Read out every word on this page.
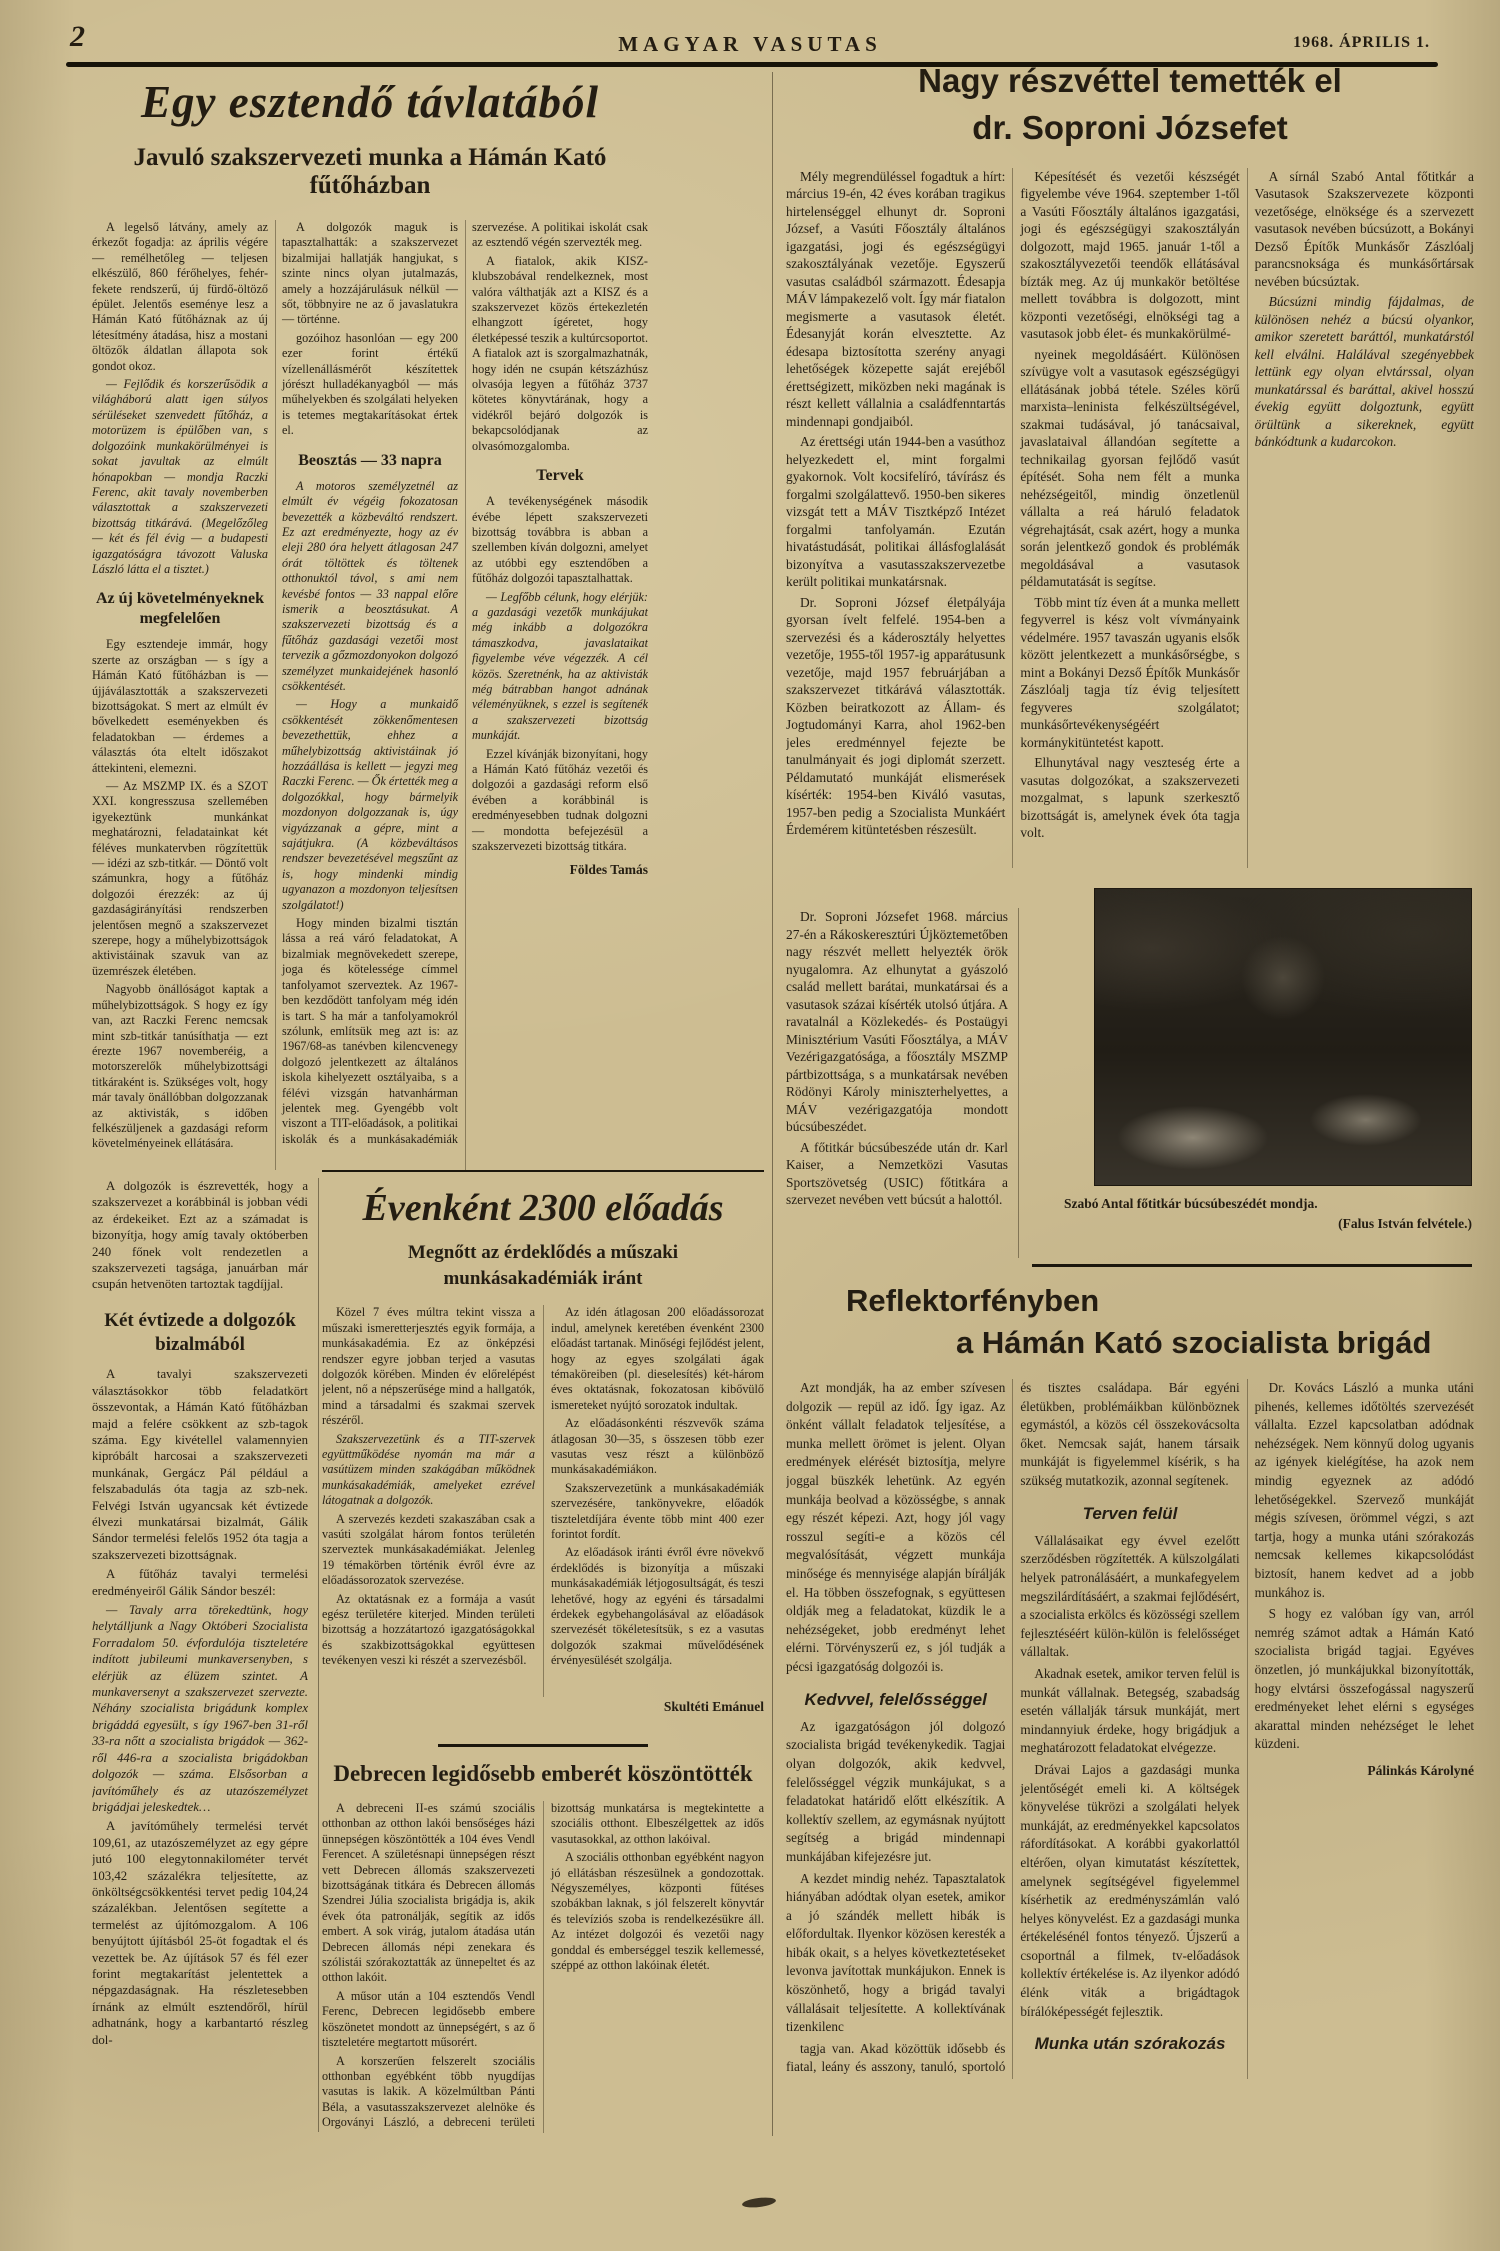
2	MAGYAR VASUTAS	1968. ÁPRILIS 1.
Egy esztendő távlatából
Javuló szakszervezeti munka a Hámán Kató fűtőházban
A legelső látvány, amely az érkezőt fogadja: az április végére — remélhetőleg — teljesen elkészülő, 860 férőhelyes, fehér-fekete rendszerű, új fürdő-öltöző épület. Jelentős eseménye lesz a Hámán Kató fűtőháznak az új létesítmény átadása, hisz a mostani öltözők áldatlan állapota sok gondot okoz.
— Fejlődik és korszerűsödik a világháború alatt igen súlyos sérüléseket szenvedett fűtőház, a motorüzem is épülőben van, s dolgozóink munkakörülményei is sokat javultak az elmúlt hónapokban — mondja Raczki Ferenc, akit tavaly novemberben választottak a szakszervezeti bizottság titkárává. (Megelőzőleg — két és fél évig — a budapesti igazgatóságra távozott Valuska László látta el a tisztet.)
Az új követelményeknek megfelelően
Egy esztendeje immár, hogy szerte az országban — s így a Hámán Kató fűtőházban is — újjáválasztották a szakszervezeti bizottságokat. S mert az elmúlt év bővelkedett eseményekben és feladatokban — érdemes a választás óta eltelt időszakot áttekinteni, elemezni.
— Az MSZMP IX. és a SZOT XXI. kongresszusa szellemében igyekeztünk munkánkat meghatározni, feladatainkat két féléves munkatervben rögzítettük — idézi az szb-titkár. — Döntő volt számunkra, hogy a fűtőház dolgozói érezzék: az új gazdaságirányítási rendszerben jelentősen megnő a szakszervezet szerepe, hogy a műhelybizottságok aktivistáinak szavuk van az üzemrészek életében.
Nagyobb önállóságot kaptak a műhelybizottságok. S hogy ez így van, azt Raczki Ferenc nemcsak mint szb-titkár tanúsíthatja — ezt érezte 1967 novemberéig, a motorszerelők műhelybizottsági titkáraként is. Szükséges volt, hogy már tavaly önállóbban dolgozzanak az aktivisták, s időben felkészüljenek a gazdasági reform követelményeinek ellátására.
A dolgozók maguk is tapasztalhatták: a szakszervezet bizalmijai hallatják hangjukat, s szinte nincs olyan jutalmazás, amely a hozzájárulásuk nélkül — sőt, többnyire ne az ő javaslatukra — történne.
gozóihoz hasonlóan — egy 200 ezer forint értékű vízellenállásmérőt készítettek jórészt hulladékanyagból — más műhelyekben és szolgálati helyeken is tetemes megtakarításokat értek el.
Beosztás — 33 napra
A motoros személyzetnél az elmúlt év végéig fokozatosan bevezették a közbeváltó rendszert. Ez azt eredményezte, hogy az év eleji 280 óra helyett átlagosan 247 órát töltöttek és töltenek otthonuktól távol, s ami nem kevésbé fontos — 33 nappal előre ismerik a beosztásukat. A szakszervezeti bizottság és a fűtőház gazdasági vezetői most tervezik a gőzmozdonyokon dolgozó személyzet munkaidejének hasonló csökkentését.
— Hogy a munkaidő csökkentését zökkenőmentesen bevezethettük, ehhez a műhelybizottság aktivistáinak jó hozzáállása is kellett — jegyzi meg Raczki Ferenc. — Ők értették meg a dolgozókkal, hogy bármelyik mozdonyon dolgozzanak is, úgy vigyázzanak a gépre, mint a sajátjukra. (A közbeváltásos rendszer bevezetésével megszűnt az is, hogy mindenki mindig ugyanazon a mozdonyon teljesítsen szolgálatot!)
Hogy minden bizalmi tisztán lássa a reá váró feladatokat, A bizalmiak megnövekedett szerepe, joga és kötelessége címmel tanfolyamot szerveztek. Az 1967-ben kezdődött tanfolyam még idén is tart. S ha már a tanfolyamokról szólunk, említsük meg azt is: az 1967/68-as tanévben kilencvenegy dolgozó jelentkezett az általános iskola kihelyezett osztályaiba, s a félévi vizsgán hatvanhárman jelentek meg. Gyengébb volt viszont a TIT-előadások, a politikai iskolák és a munkásakadémiák szervezése. A politikai iskolát csak az esztendő végén szervezték meg.
A fiatalok, akik KISZ-klubszobával rendelkeznek, most valóra válthatják azt a KISZ és a szakszervezet közös értekezletén elhangzott ígéretet, hogy életképessé teszik a kultúrcsoportot. A fiatalok azt is szorgalmazhatnák, hogy idén ne csupán kétszázhúsz olvasója legyen a fűtőház 3737 kötetes könyvtárának, hogy a vidékről bejáró dolgozók is bekapcsolódjanak az olvasómozgalomba.
Tervek
A tevékenységének második évébe lépett szakszervezeti bizottság továbbra is abban a szellemben kíván dolgozni, amelyet az utóbbi egy esztendőben a fűtőház dolgozói tapasztalhattak.
— Legfőbb célunk, hogy elérjük: a gazdasági vezetők munkájukat még inkább a dolgozókra támaszkodva, javaslataikat figyelembe véve végezzék. A cél közös. Szeretnénk, ha az aktivisták még bátrabban hangot adnának véleményüknek, s ezzel is segítenék a szakszervezeti bizottság munkáját.
Ezzel kívánják bizonyítani, hogy a Hámán Kató fűtőház vezetői és dolgozói a gazdasági reform első évében a korábbinál is eredményesebben tudnak dolgozni — mondotta befejezésül a szakszervezeti bizottság titkára.
Földes Tamás
A dolgozók is észrevették, hogy a szakszervezet a korábbinál is jobban védi az érdekeiket. Ezt az a számadat is bizonyítja, hogy amíg tavaly októberben 240 főnek volt rendezetlen a szakszervezeti tagsága, januárban már csupán hetvenöten tartoztak tagdíjjal.
Két évtizede a dolgozók bizalmából
A tavalyi szakszervezeti választásokkor több feladatkört összevontak, a Hámán Kató fűtőházban majd a felére csökkent az szb-tagok száma. Egy kivétellel valamennyien kipróbált harcosai a szakszervezeti munkának, Gergácz Pál például a felszabadulás óta tagja az szb-nek. Felvégi István ugyancsak két évtizede élvezi munkatársai bizalmát, Gálik Sándor termelési felelős 1952 óta tagja a szakszervezeti bizottságnak.
A fűtőház tavalyi termelési eredményeiről Gálik Sándor beszél:
— Tavaly arra törekedtünk, hogy helytálljunk a Nagy Októberi Szocialista Forradalom 50. évfordulója tiszteletére indított jubileumi munkaversenyben, s elérjük az élüzem szintet. A munkaversenyt a szakszervezet szervezte. Néhány szocialista brigádunk komplex brigáddá egyesült, s így 1967-ben 31-ről 33-ra nőtt a szocialista brigádok — 362-ről 446-ra a szocialista brigádokban dolgozók — száma. Elsősorban a javítóműhely és az utazószemélyzet brigádjai jeleskedtek…
A javítóműhely termelési tervét 109,61, az utazószemélyzet az egy gépre jutó 100 elegytonnakilométer tervét 103,42 százalékra teljesítette, az önköltségcsökkentési tervet pedig 104,24 százalékban. Jelentősen segítette a termelést az újítómozgalom. A 106 benyújtott újításból 25-öt fogadtak el és vezettek be. Az újítások 57 és fél ezer forint megtakarítást jelentettek a népgazdaságnak. Ha részletesebben írnánk az elmúlt esztendőről, hírül adhatnánk, hogy a karbantartó részleg dol-
Évenként 2300 előadás
Megnőtt az érdeklődés a műszaki munkásakadémiák iránt
Közel 7 éves múltra tekint vissza a műszaki ismeretterjesztés egyik formája, a munkásakadémia. Ez az önképzési rendszer egyre jobban terjed a vasutas dolgozók körében. Minden év előrelépést jelent, nő a népszerűsége mind a hallgatók, mind a társadalmi és szakmai szervek részéről.
Szakszervezetünk és a TIT-szervek együttműködése nyomán ma már a vasútüzem minden szakágában működnek munkásakadémiák, amelyeket ezrével látogatnak a dolgozók.
A szervezés kezdeti szakaszában csak a vasúti szolgálat három fontos területén szerveztek munkásakadémiákat. Jelenleg 19 témakörben történik évről évre az előadássorozatok szervezése.
Az oktatásnak ez a formája a vasút egész területére kiterjed. Minden területi bizottság a hozzátartozó igazgatóságokkal és szakbizottságokkal együttesen tevékenyen veszi ki részét a szervezésből.
Az idén átlagosan 200 előadássorozat indul, amelynek keretében évenként 2300 előadást tartanak. Minőségi fejlődést jelent, hogy az egyes szolgálati ágak témaköreiben (pl. dieselesítés) két-három éves oktatásnak, fokozatosan kibővülő ismereteket nyújtó sorozatok indultak.
Az előadásonkénti részvevők száma átlagosan 30—35, s összesen több ezer vasutas vesz részt a különböző munkásakadémiákon.
Szakszervezetünk a munkásakadémiák szervezésére, tankönyvekre, előadók tiszteletdíjára évente több mint 400 ezer forintot fordít.
Az előadások iránti évről évre növekvő érdeklődés is bizonyítja a műszaki munkásakadémiák létjogosultságát, és teszi lehetővé, hogy az egyéni és társadalmi érdekek egybehangolásával az előadások szervezését tökéletesítsük, s ez a vasutas dolgozók szakmai művelődésének érvényesülését szolgálja.
Skultéti Emánuel
Debrecen legidősebb emberét köszöntötték
A debreceni II-es számú szociális otthonban az otthon lakói bensőséges házi ünnepségen köszöntötték a 104 éves Vendl Ferencet. A születésnapi ünnepségen részt vett Debrecen állomás szakszervezeti bizottságának titkára és Debrecen állomás Szendrei Júlia szocialista brigádja is, akik évek óta patronálják, segítik az idős embert. A sok virág, jutalom átadása után Debrecen állomás népi zenekara és szólistái szórakoztatták az ünnepeltet és az otthon lakóit.
A műsor után a 104 esztendős Vendl Ferenc, Debrecen legidősebb embere köszönetet mondott az ünnepségért, s az ő tiszteletére megtartott műsorért.
A korszerűen felszerelt szociális otthonban egyébként több nyugdíjas vasutas is lakik. A közelmúltban Pánti Béla, a vasutasszakszervezet alelnöke és Orgoványi László, a debreceni területi bizottság munkatársa is megtekintette a szociális otthont. Elbeszélgettek az idős vasutasokkal, az otthon lakóival.
A szociális otthonban egyébként nagyon jó ellátásban részesülnek a gondozottak. Négyszemélyes, központi fűtéses szobákban laknak, s jól felszerelt könyvtár és televíziós szoba is rendelkezésükre áll. Az intézet dolgozói és vezetői nagy gonddal és emberséggel teszik kellemessé, széppé az otthon lakóinak életét.
Nagy részvéttel temették el
dr. Soproni Józsefet
Mély megrendüléssel fogadtuk a hírt: március 19-én, 42 éves korában tragikus hirtelenséggel elhunyt dr. Soproni József, a Vasúti Főosztály általános igazgatási, jogi és egészségügyi szakosztályának vezetője. Egyszerű vasutas családból származott. Édesapja MÁV lámpakezelő volt. Így már fiatalon megismerte a vasutasok életét. Édesanyját korán elvesztette. Az édesapa biztosította szerény anyagi lehetőségek közepette saját erejéből érettségizett, miközben neki magának is részt kellett vállalnia a családfenntartás mindennapi gondjaiból.
Az érettségi után 1944-ben a vasúthoz helyezkedett el, mint forgalmi gyakornok. Volt kocsifelíró, távírász és forgalmi szolgálattevő. 1950-ben sikeres vizsgát tett a MÁV Tisztképző Intézet forgalmi tanfolyamán. Ezután hivatástudását, politikai állásfoglalását bizonyítva a vasutasszakszervezetbe került politikai munkatársnak.
Dr. Soproni József életpályája gyorsan ívelt felfelé. 1954-ben a szervezési és a káderosztály helyettes vezetője, 1955-től 1957-ig apparátusunk vezetője, majd 1957 februárjában a szakszervezet titkárává választották. Közben beiratkozott az Állam- és Jogtudományi Karra, ahol 1962-ben jeles eredménnyel fejezte be tanulmányait és jogi diplomát szerzett. Példamutató munkáját elismerések kísérték: 1954-ben Kiváló vasutas, 1957-ben pedig a Szocialista Munkáért Érdemérem kitüntetésben részesült.
Képesítését és vezetői készségét figyelembe véve 1964. szeptember 1-től a Vasúti Főosztály általános igazgatási, jogi és egészségügyi szakosztályán dolgozott, majd 1965. január 1-től a szakosztályvezetői teendők ellátásával bízták meg. Az új munkakör betöltése mellett továbbra is dolgozott, mint központi vezetőségi, elnökségi tag a vasutasok jobb élet- és munkakörülmé-
nyeinek megoldásáért. Különösen szívügye volt a vasutasok egészségügyi ellátásának jobbá tétele. Széles körű marxista–leninista felkészültségével, szakmai tudásával, jó tanácsaival, javaslataival állandóan segítette a technikailag gyorsan fejlődő vasút építését. Soha nem félt a munka nehézségeitől, mindig önzetlenül vállalta a reá háruló feladatok végrehajtását, csak azért, hogy a munka során jelentkező gondok és problémák megoldásával a vasutasok példamutatását is segítse.
Több mint tíz éven át a munka mellett fegyverrel is kész volt vívmányaink védelmére. 1957 tavaszán ugyanis elsők között jelentkezett a munkásőrségbe, s mint a Bokányi Dezső Építők Munkásőr Zászlóalj tagja tíz évig teljesített fegyveres szolgálatot; munkásőrtevékenységéért kormánykitüntetést kapott.
Elhunytával nagy veszteség érte a vasutas dolgozókat, a szakszervezeti mozgalmat, s lapunk szerkesztő bizottságát is, amelynek évek óta tagja volt.
A sírnál Szabó Antal főtitkár a Vasutasok Szakszervezete központi vezetősége, elnöksége és a szervezett vasutasok nevében búcsúzott, a Bokányi Dezső Építők Munkásőr Zászlóalj parancsnoksága és munkásőrtársak nevében búcsúztak.
Búcsúzni mindig fájdalmas, de különösen nehéz a búcsú olyankor, amikor szeretett baráttól, munkatárstól kell elválni. Halálával szegényebbek lettünk egy olyan elvtárssal, olyan munkatárssal és baráttal, akivel hosszú évekig együtt dolgoztunk, együtt örültünk a sikereknek, együtt bánkódtunk a kudarcokon.
Dr. Soproni Józsefet 1968. március 27-én a Rákoskeresztúri Újköztemetőben nagy részvét mellett helyezték örök nyugalomra. Az elhunytat a gyászoló család mellett barátai, munkatársai és a vasutasok százai kísérték utolsó útjára. A ravatalnál a Közlekedés- és Postaügyi Minisztérium Vasúti Főosztálya, a MÁV Vezérigazgatósága, a főosztály MSZMP pártbizottsága, s a munkatársak nevében Rödönyi Károly miniszterhelyettes, a MÁV vezérigazgatója mondott búcsúbeszédet.
A főtitkár búcsúbeszéde után dr. Karl Kaiser, a Nemzetközi Vasutas Sportszövetség (USIC) főtitkára a szervezet nevében vett búcsút a halottól.	Szabó Antal főtitkár búcsúbeszédét mondja.
(Falus István felvétele.)
Reflektorfényben
a Hámán Kató szocialista brigád
Azt mondják, ha az ember szívesen dolgozik — repül az idő. Így igaz. Az önként vállalt feladatok teljesítése, a munka mellett örömet is jelent. Olyan eredmények elérését biztosítja, melyre joggal büszkék lehetünk. Az egyén munkája beolvad a közösségbe, s annak egy részét képezi. Azt, hogy jól vagy rosszul segíti-e a közös cél megvalósítását, végzett munkája minősége és mennyisége alapján bírálják el. Ha többen összefognak, s együttesen oldják meg a feladatokat, küzdik le a nehézségeket, jobb eredményt lehet elérni. Törvényszerű ez, s jól tudják a pécsi igazgatóság dolgozói is.
Kedvvel, felelősséggel
Az igazgatóságon jól dolgozó szocialista brigád tevékenykedik. Tagjai olyan dolgozók, akik kedvvel, felelősséggel végzik munkájukat, s a feladatokat határidő előtt elkészítik. A kollektív szellem, az egymásnak nyújtott segítség a brigád mindennapi munkájában kifejezésre jut.
A kezdet mindig nehéz. Tapasztalatok hiányában adódtak olyan esetek, amikor a jó szándék mellett hibák is előfordultak. Ilyenkor közösen keresték a hibák okait, s a helyes következtetéseket levonva javítottak munkájukon. Ennek is köszönhető, hogy a brigád tavalyi vállalásait teljesítette. A kollektívának tizenkilenc
tagja van. Akad közöttük idősebb és fiatal, leány és asszony, tanuló, sportoló és tisztes családapa. Bár egyéni életükben, problémáikban különböznek egymástól, a közös cél összekovácsolta őket. Nemcsak saját, hanem társaik munkáját is figyelemmel kísérik, s ha szükség mutatkozik, azonnal segítenek.
Terven felül
Vállalásaikat egy évvel ezelőtt szerződésben rögzítették. A külszolgálati helyek patronálásáért, a munkafegyelem megszilárdításáért, a szakmai fejlődésért, a szocialista erkölcs és közösségi szellem fejlesztéséért külön-külön is felelősséget vállaltak.
Akadnak esetek, amikor terven felül is munkát vállalnak. Betegség, szabadság esetén vállalják társuk munkáját, mert mindannyiuk érdeke, hogy brigádjuk a meghatározott feladatokat elvégezze.
Drávai Lajos a gazdasági munka jelentőségét emeli ki. A költségek könyvelése tükrözi a szolgálati helyek munkáját, az eredményekkel kapcsolatos ráfordításokat. A korábbi gyakorlattól eltérően, olyan kimutatást készítettek, amelynek segítségével figyelemmel kísérhetik az eredményszámlán való helyes könyvelést. Ez a gazdasági munka értékelésénél fontos tényező. Újszerű a csoportnál a filmek, tv-előadások kollektív értékelése is. Az ilyenkor adódó élénk viták a brigádtagok bírálóképességét fejlesztik.
Munka után szórakozás
Dr. Kovács László a munka utáni pihenés, kellemes időtöltés szervezését vállalta. Ezzel kapcsolatban adódnak nehézségek. Nem könnyű dolog ugyanis az igények kielégítése, ha azok nem mindig egyeznek az adódó lehetőségekkel. Szervező munkáját mégis szívesen, örömmel végzi, s azt tartja, hogy a munka utáni szórakozás nemcsak kellemes kikapcsolódást biztosít, hanem kedvet ad a jobb munkához is.
S hogy ez valóban így van, arról nemrég számot adtak a Hámán Kató szocialista brigád tagjai. Egyéves önzetlen, jó munkájukkal bizonyították, hogy elvtársi összefogással nagyszerű eredményeket lehet elérni s egységes akarattal minden nehézséget le lehet küzdeni.
Pálinkás Károlyné
